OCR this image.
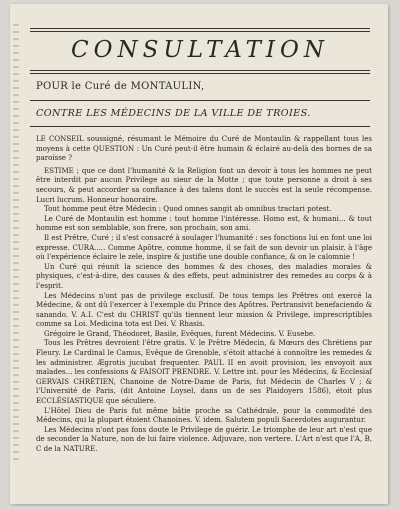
CONSULTATION
POUR le Curé de MONTAULIN,
CONTRE LES MÉDECINS DE LA VILLE DE TROIES.

LE CONSEIL soussigné, résumant le Mémoire du Curé de Montaulin & rappellant tous les moyens à cette QUESTION : Un Curé peut-il être humain & éclairé au-delà des bornes de sa paroisse ?

ESTIME ; que ce dont l'humanité & la Religion font un devoir à tous les hommes ne peut être interdit par aucun Privilege au sieur de la Motte ; que toute personne a droit à ses secours, & peut accorder sa confiance à des talens dont le succès est la seule récompense. Lucri lucrum. Honneur honoraire.

Tout homme peut être Médecin : Quod omnes sangit ab omnibus tractari potest.

Le Curé de Montaulin est homme : tout homme l'intéresse. Homo est, & humani... & tout homme est son semblable, son frere, son prochain, son ami.

Il est Prêtre, Curé ; il s'est consacré à soulager l'humanité : ses fonctions lui en font une loi expresse. CURA..... Comme Apôtre, comme homme, il se fait de son devoir un plaisir, à l'âge où l'expérience éclaire le zele, inspire & justifie une double confiance, & on le calomnie !

Un Curé qui réunit la science des hommes & des choses, des maladies morales & physiques, c'est-à-dire, des causes & des effets, peut administrer des remedes au corps & à l'esprit.

Les Médecins n'ont pas de privilege exclusif. De tous temps les Prêtres ont exercé la Médecine, & ont dû l'exercer à l'exemple du Prince des Apôtres. Pertransivit benefaciendo & sanando. V. A.I. C'est du CHRIST qu'ils tiennent leur mission & Privilege, imprescriptibles comme sa Loi. Medicina tota est Dei. V. Rhasis.

Grégoire le Grand, Théodoret, Basile, Evêques, furent Médecins. V. Eusebe.

Tous les Prêtres devroient l'être gratis. V. le Prêtre Médecin, & Mœurs des Chrétiens par Fleury. Le Cardinal le Camus, Evêque de Grenoble, s'étoit attaché à connoître les remedes & les administrer. Ægrotis jucubat frequenter. PAUL II en avoit provision, les envoyoit aux malades... les confessions & FAISOIT PRENDRE. V. Lettre int. pour les Médecins, & Ecclesiaf GERVAIS CHRÉTIEN, Chanoine de Notre-Dame de Paris, fut Médecin de Charles V ; & l'Université de Paris, (dit Antoine Loysel, dans un de ses Plaidoyers 1586), étoit plus ECCLÉSIASTIQUE que séculiere.

L'Hôtel Dieu de Paris fut même bâtie proche sa Cathédrale, pour la commodité des Médecins, qui la plupart étoient Chanoines. V. idem. Salutem populi Sacerdotes augurantur.

Les Médecins n'ont pas fons doute le Privilege de guérir. Le triomphe de leur art n'est que de seconder la Nature, non de lui faire violence. Adjuvare, non vertere. L'Art n'est que l'A, B, C de la NATURE.
